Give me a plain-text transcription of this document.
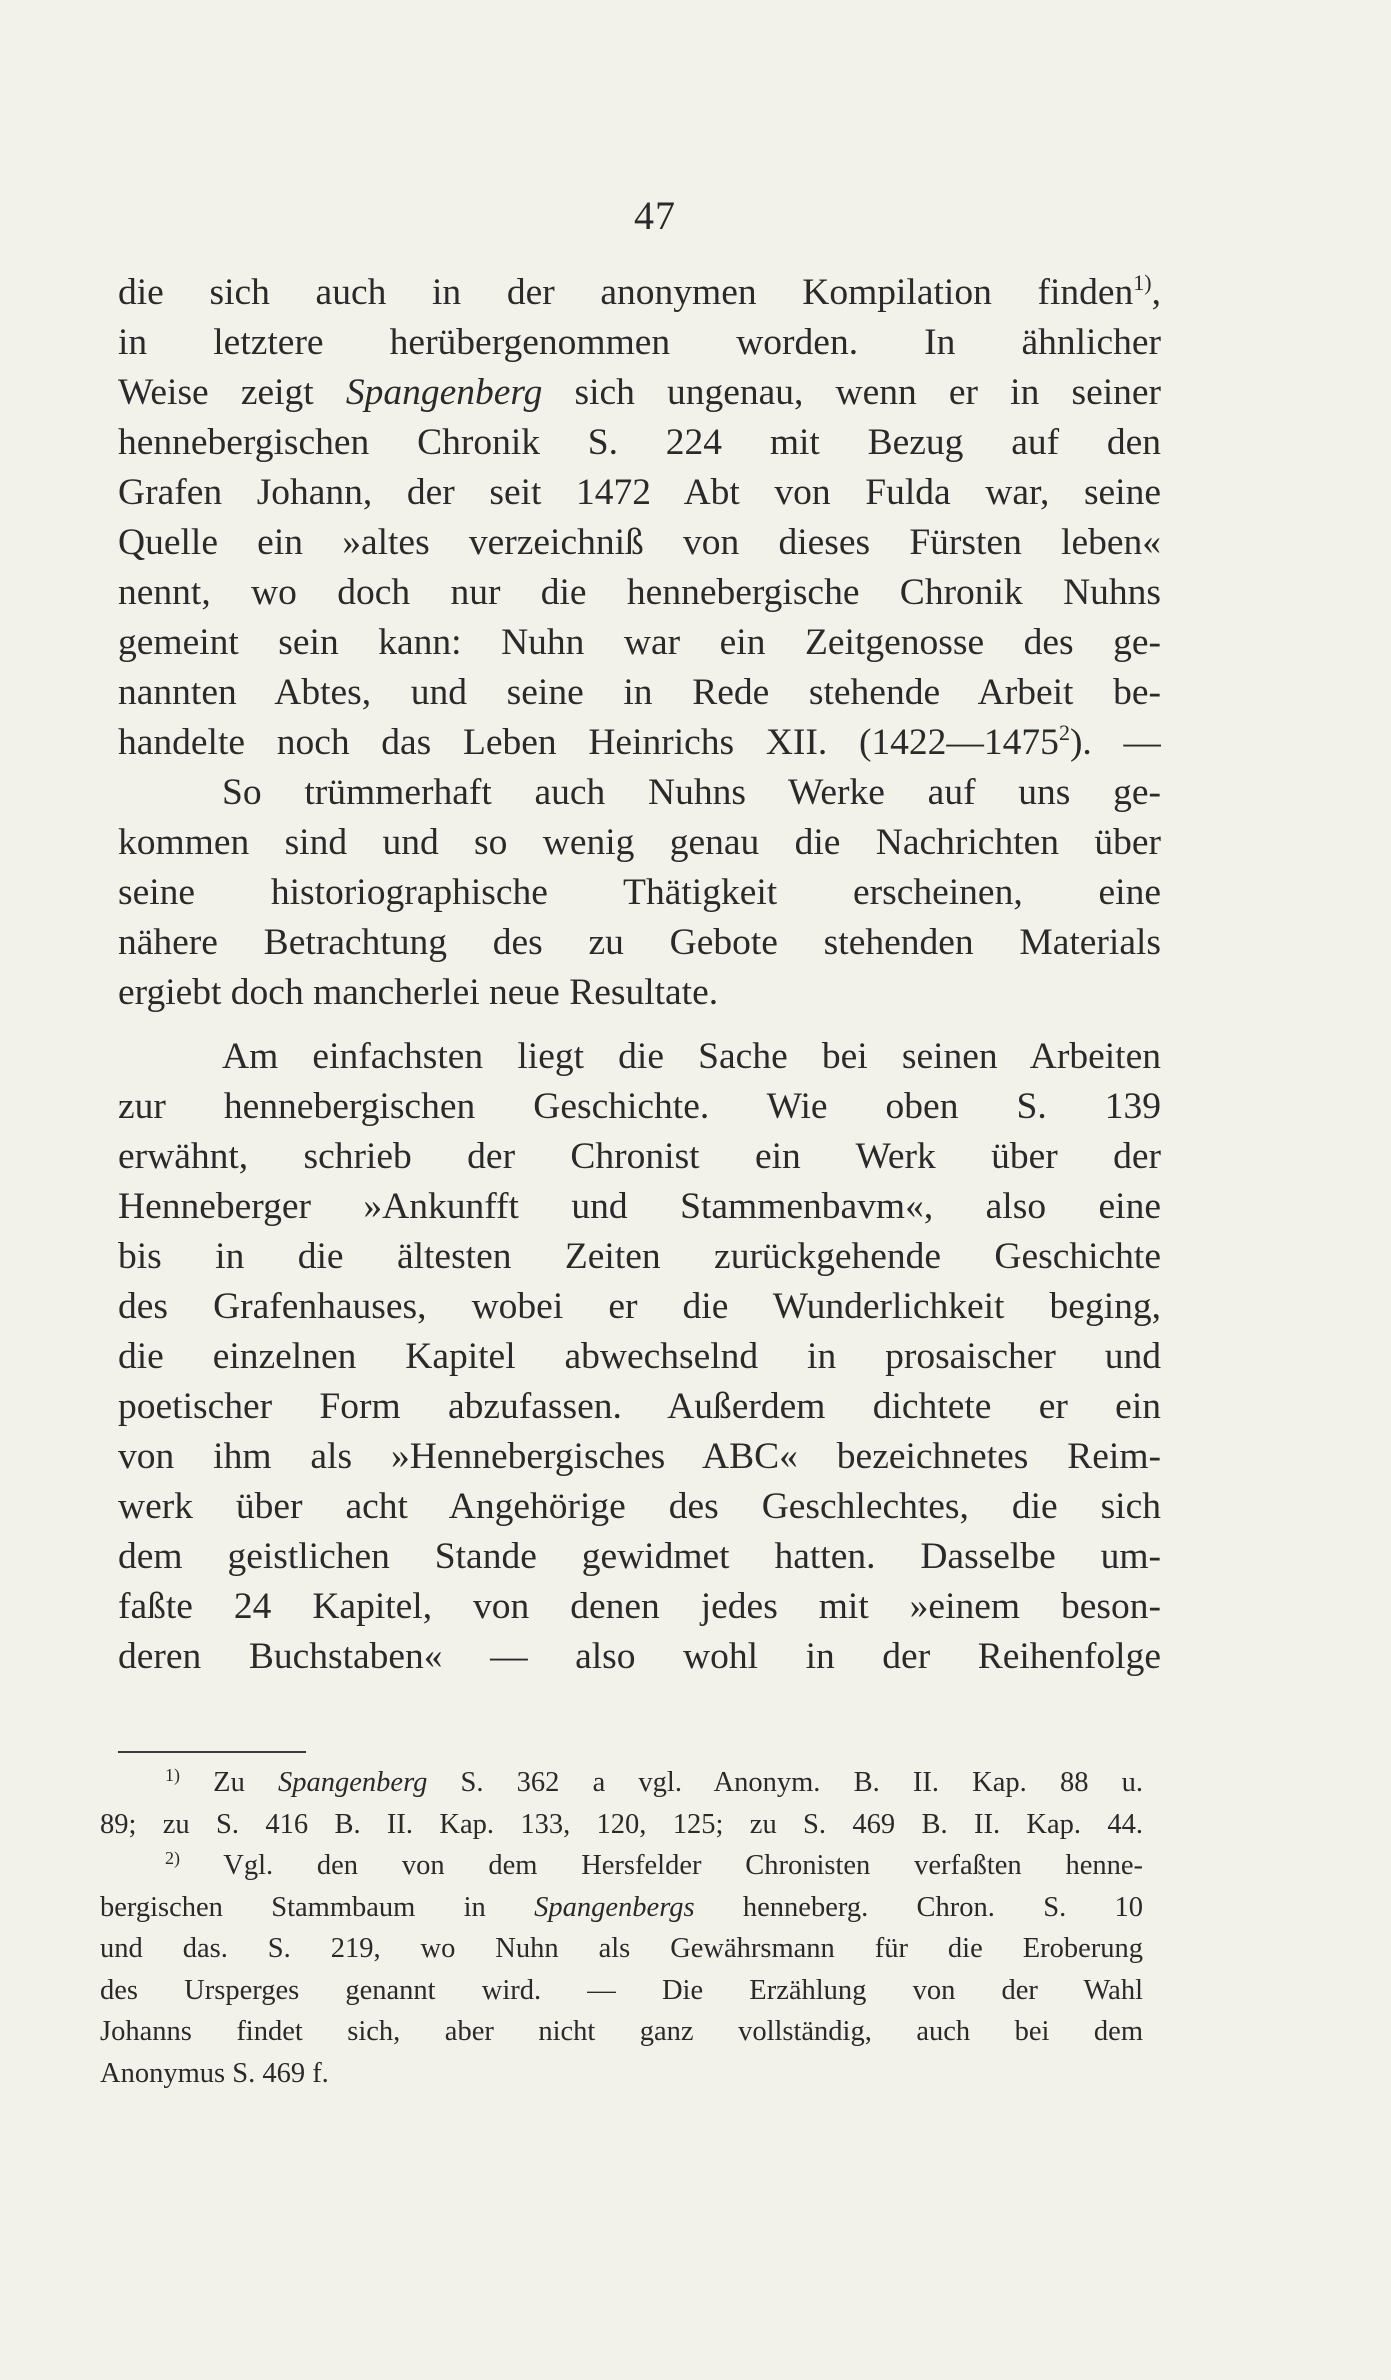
47
die sich auch in der anonymen Kompilation finden$^{1)}$,
in letztere herübergenommen worden. In ähnlicher
Weise zeigt Spangenberg sich ungenau, wenn er in seiner
hennebergischen Chronik S. 224 mit Bezug auf den
Grafen Johann, der seit 1472 Abt von Fulda war, seine
Quelle ein »altes verzeichniß von dieses Fürsten leben«
nennt, wo doch nur die hennebergische Chronik Nuhns
gemeint sein kann: Nuhn war ein Zeitgenosse des ge-
nannten Abtes, und seine in Rede stehende Arbeit be-
handelte noch das Leben Heinrichs XII. (1422—1475$^2$). —
So trümmerhaft auch Nuhns Werke auf uns ge-
kommen sind und so wenig genau die Nachrichten über
seine historiographische Thätigkeit erscheinen, eine
nähere Betrachtung des zu Gebote stehenden Materials
ergiebt doch mancherlei neue Resultate.
Am einfachsten liegt die Sache bei seinen Arbeiten
zur hennebergischen Geschichte. Wie oben S. 139
erwähnt, schrieb der Chronist ein Werk über der
Henneberger »Ankunfft und Stammenbavm«, also eine
bis in die ältesten Zeiten zurückgehende Geschichte
des Grafenhauses, wobei er die Wunderlichkeit beging,
die einzelnen Kapitel abwechselnd in prosaischer und
poetischer Form abzufassen. Außerdem dichtete er ein
von ihm als »Hennebergisches ABC« bezeichnetes Reim-
werk über acht Angehörige des Geschlechtes, die sich
dem geistlichen Stande gewidmet hatten. Dasselbe um-
faßte 24 Kapitel, von denen jedes mit »einem beson-
deren Buchstaben« — also wohl in der Reihenfolge
$^{1)}$ Zu Spangenberg S. 362 a vgl. Anonym. B. II. Kap. 88 u.
89; zu S. 416 B. II. Kap. 133, 120, 125; zu S. 469 B. II. Kap. 44.
$^{2)}$ Vgl. den von dem Hersfelder Chronisten verfaßten henne-
bergischen Stammbaum in Spangenbergs henneberg. Chron. S. 10
und das. S. 219, wo Nuhn als Gewährsmann für die Eroberung
des Ursperges genannt wird. — Die Erzählung von der Wahl
Johanns findet sich, aber nicht ganz vollständig, auch bei dem
Anonymus S. 469 f.
